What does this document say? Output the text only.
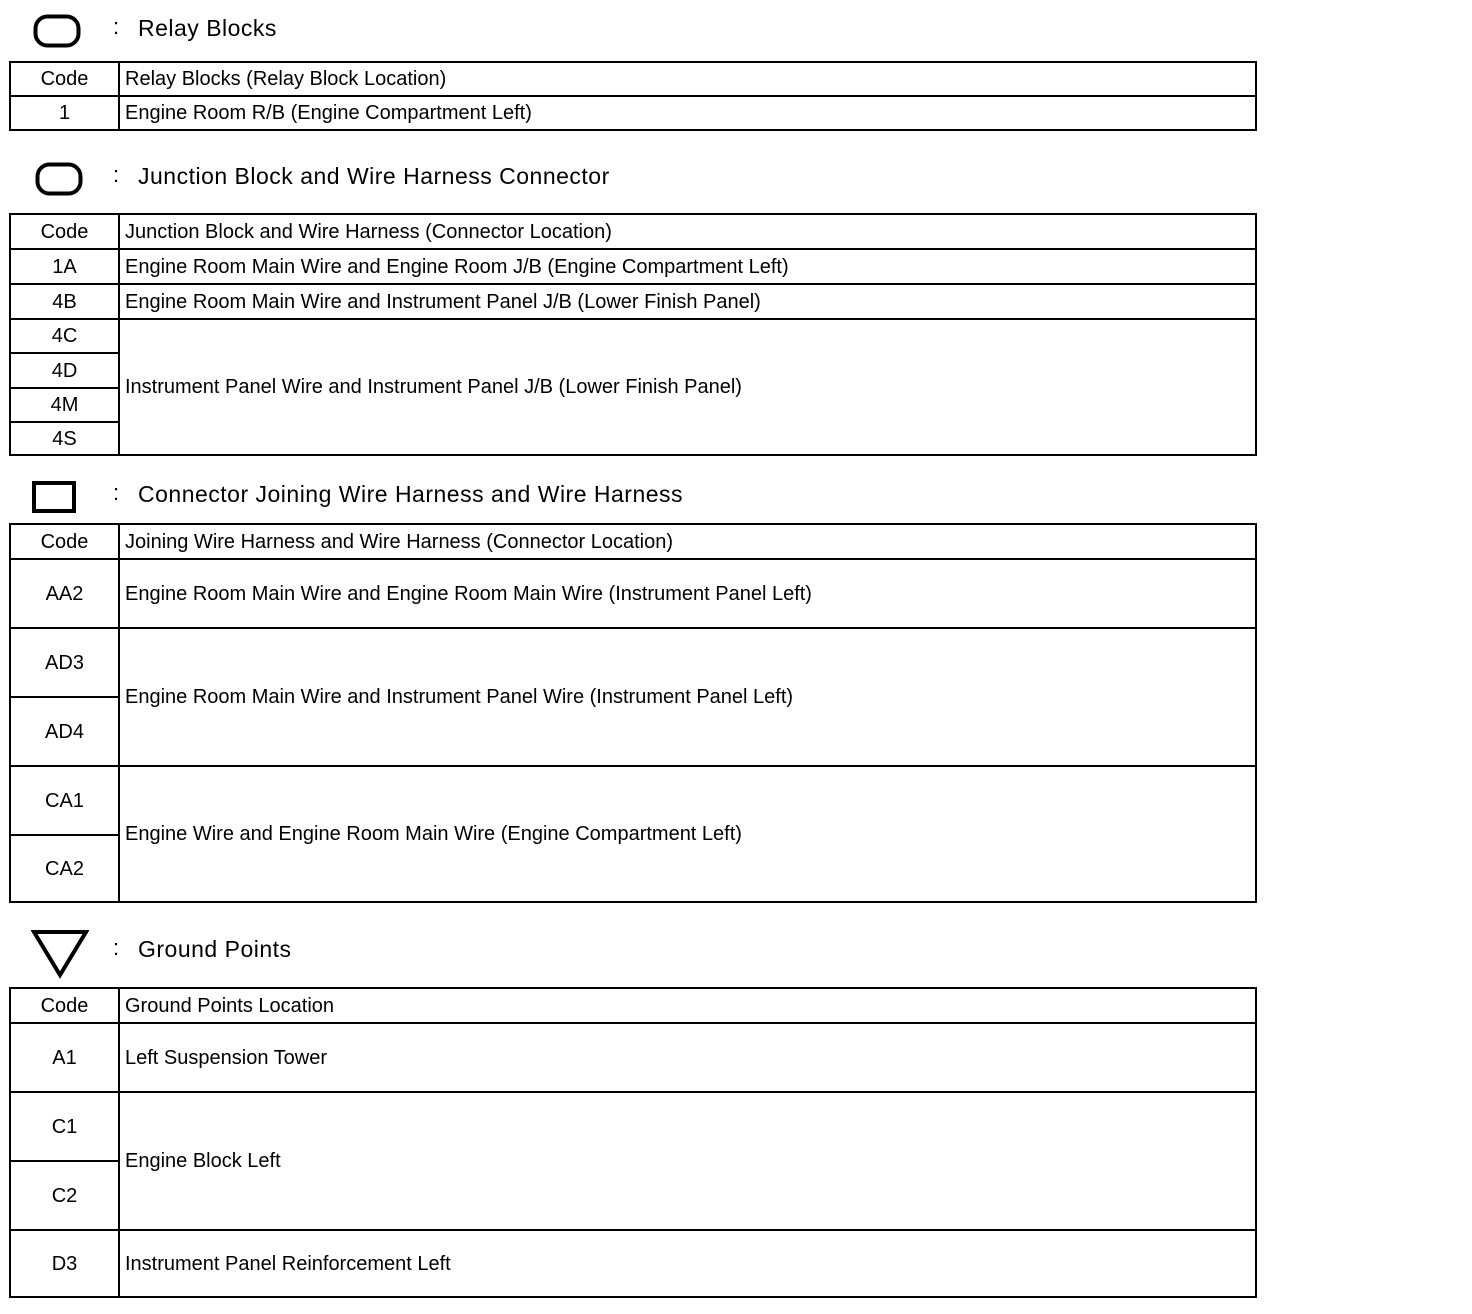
: Relay Blocks
Code	Relay Blocks (Relay Block Location)
1	Engine Room R/B (Engine Compartment Left)
: Junction Block and Wire Harness Connector
Code	Junction Block and Wire Harness (Connector Location)
1A	Engine Room Main Wire and Engine Room J/B (Engine Compartment Left)
4B	Engine Room Main Wire and Instrument Panel J/B (Lower Finish Panel)
4C	Instrument Panel Wire and Instrument Panel J/B (Lower Finish Panel)
4D	
4M	
4S	
: Connector Joining Wire Harness and Wire Harness
Code	Joining Wire Harness and Wire Harness (Connector Location)
AA2	Engine Room Main Wire and Engine Room Main Wire (Instrument Panel Left)
AD3	Engine Room Main Wire and Instrument Panel Wire (Instrument Panel Left)
AD4	
CA1	Engine Wire and Engine Room Main Wire (Engine Compartment Left)
CA2	
: Ground Points
Code	Ground Points Location
A1	Left Suspension Tower
C1	Engine Block Left
C2	
D3	Instrument Panel Reinforcement Left
